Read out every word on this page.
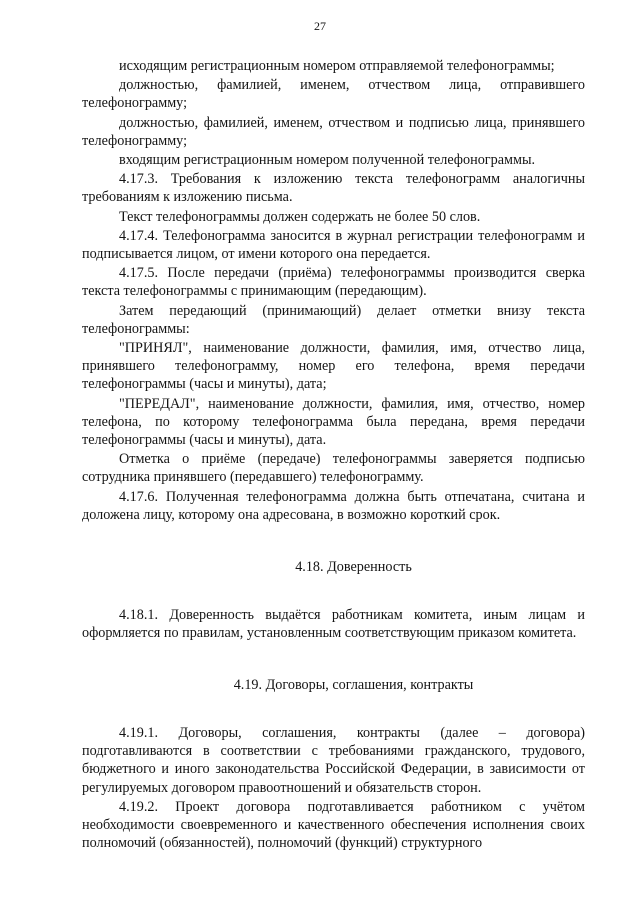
27

исходящим регистрационным номером отправляемой телефонограммы;

должностью, фамилией, именем, отчеством лица, отправившего телефонограмму;

должностью, фамилией, именем, отчеством и подписью лица, принявшего телефонограмму;

входящим регистрационным номером полученной телефонограммы.

4.17.3. Требования к изложению текста телефонограмм аналогичны требованиям к изложению письма.

Текст телефонограммы должен содержать не более 50 слов.

4.17.4. Телефонограмма заносится в журнал регистрации телефонограмм и подписывается лицом, от имени которого она передается.

4.17.5. После передачи (приёма) телефонограммы производится сверка текста телефонограммы с принимающим (передающим).

Затем передающий (принимающий) делает отметки внизу текста телефонограммы:

"ПРИНЯЛ", наименование должности, фамилия, имя, отчество лица, принявшего телефонограмму, номер его телефона, время передачи телефонограммы (часы и минуты), дата;

"ПЕРЕДАЛ", наименование должности, фамилия, имя, отчество, номер телефона, по которому телефонограмма была передана, время передачи телефонограммы (часы и минуты), дата.

Отметка о приёме (передаче) телефонограммы заверяется подписью сотрудника принявшего (передавшего) телефонограмму.

4.17.6. Полученная телефонограмма должна быть отпечатана, считана и доложена лицу, которому она адресована, в возможно короткий срок.

4.18. Доверенность

4.18.1. Доверенность выдаётся работникам комитета, иным лицам и оформляется по правилам, установленным соответствующим приказом комитета.

4.19. Договоры, соглашения, контракты

4.19.1. Договоры, соглашения, контракты (далее – договора) подготавливаются в соответствии с требованиями гражданского, трудового, бюджетного и иного законодательства Российской Федерации, в зависимости от регулируемых договором правоотношений и обязательств сторон.

4.19.2. Проект договора подготавливается работником с учётом необходимости своевременного и качественного обеспечения исполнения своих полномочий (обязанностей), полномочий (функций) структурного
